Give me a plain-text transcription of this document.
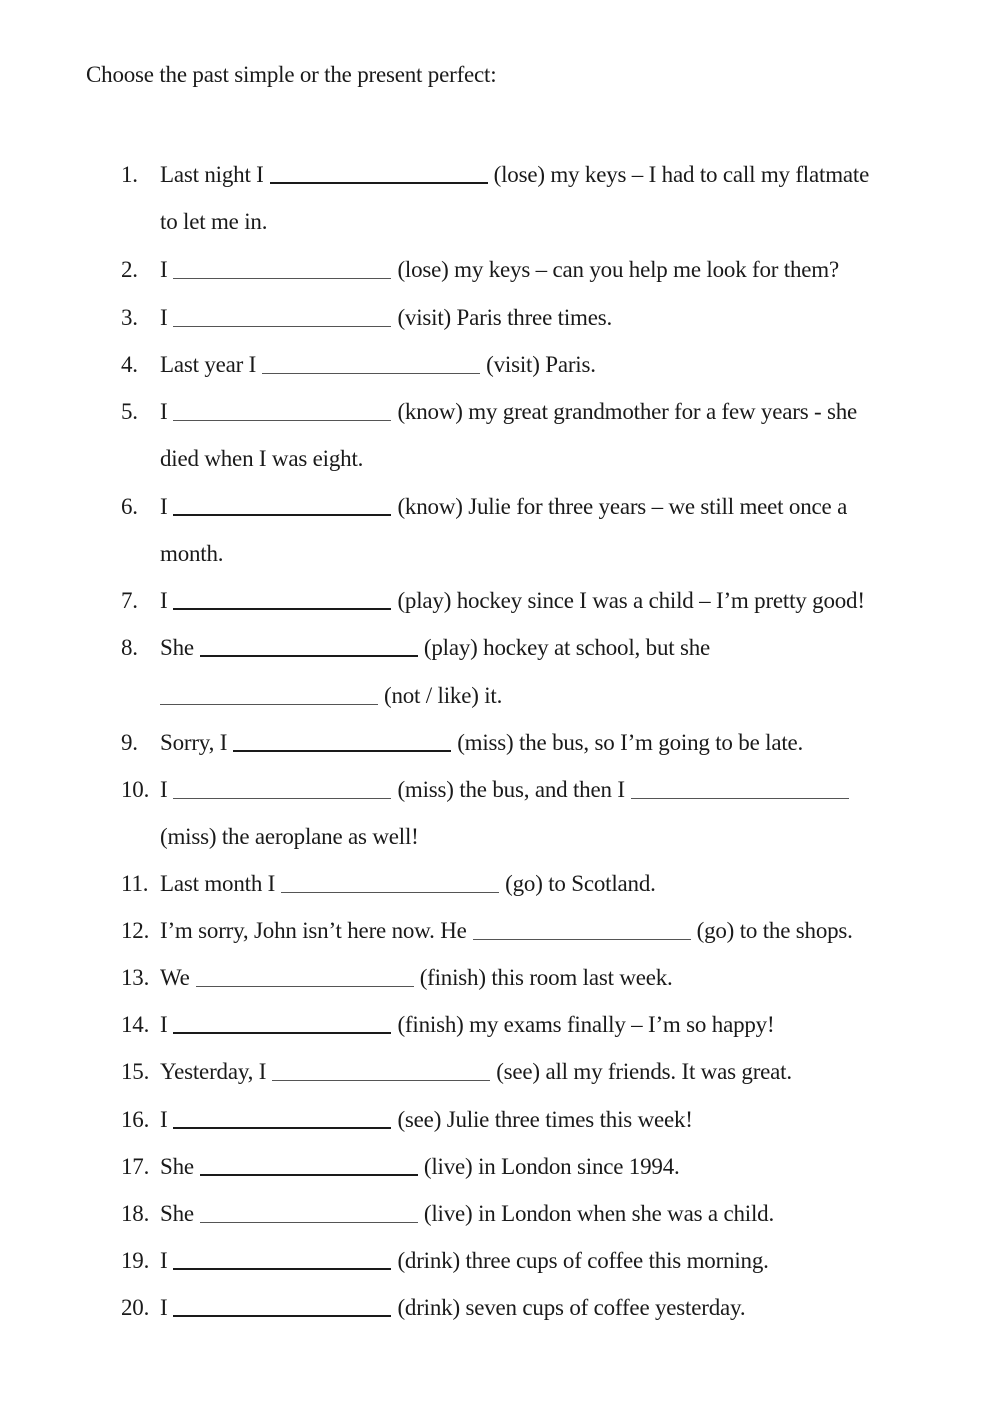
Choose the past simple or the present perfect:
1. Last night I	(lose) my keys – I had to call my flatmate
to let me in.
2. I	(lose) my keys – can you help me look for them?
3. I	(visit) Paris three times.
4. Last year I	(visit) Paris.
5. I	(know) my great grandmother for a few years - she
died when I was eight.
6. I	(know) Julie for three years – we still meet once a
month.
7. I	(play) hockey since I was a child – I’m pretty good!
8. She	(play) hockey at school, but she
(not / like) it.
9. Sorry, I	(miss) the bus, so I’m going to be late.
10. I	(miss) the bus, and then I
(miss) the aeroplane as well!
11. Last month I	(go) to Scotland.
12. I’m sorry, John isn’t here now. He	(go) to the shops.
13. We	(finish) this room last week.
14. I	(finish) my exams finally – I’m so happy!
15. Yesterday, I	(see) all my friends. It was great.
16. I	(see) Julie three times this week!
17. She	(live) in London since 1994.
18. She	(live) in London when she was a child.
19. I	(drink) three cups of coffee this morning.
20. I	(drink) seven cups of coffee yesterday.
